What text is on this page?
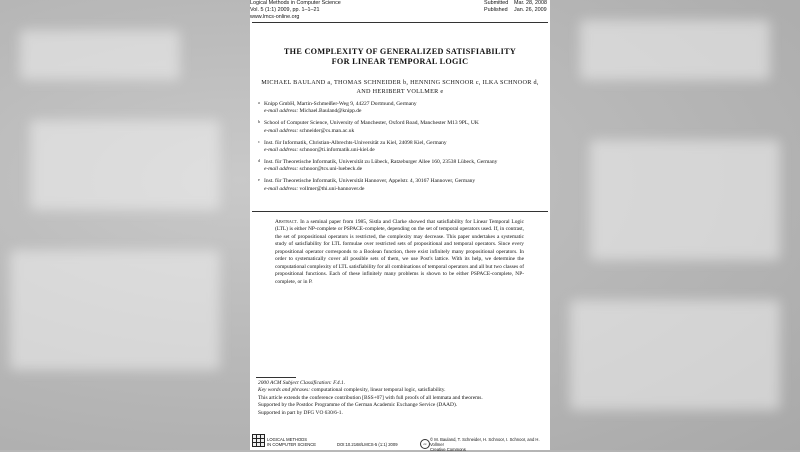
Logical Methods in Computer Science
Vol. 5 (1:1) 2009, pp. 1–1–21
www.lmcs-online.org
Submitted	Mar. 28, 2008
Published	Jan. 26, 2009
THE COMPLEXITY OF GENERALIZED SATISFIABILITY
FOR LINEAR TEMPORAL LOGIC
MICHAEL BAULAND a, THOMAS SCHNEIDER b, HENNING SCHNOOR c, ILKA SCHNOOR d,
AND HERIBERT VOLLMER e
a Knipp GmbH, Martin-Schmeißer-Weg 9, 44227 Dortmund, Germany
e-mail address: Michael.Bauland@knipp.de
b School of Computer Science, University of Manchester, Oxford Road, Manchester M13 9PL, UK
e-mail address: schneider@cs.man.ac.uk
c Inst. für Informatik, Christian-Albrechts-Universität zu Kiel, 24098 Kiel, Germany
e-mail address: schnoor@ti.informatik.uni-kiel.de
d Inst. für Theoretische Informatik, Universität zu Lübeck, Ratzeburger Allee 160, 23538 Lübeck, Germany
e-mail address: schnoor@tcs.uni-luebeck.de
e Inst. für Theoretische Informatik, Universität Hannover, Appelstr. 4, 30167 Hannover, Germany
e-mail address: vollmer@thi.uni-hannover.de

Abstract. In a seminal paper from 1985, Sistla and Clarke showed that satisfiability for Linear Temporal Logic (LTL) is either NP-complete or PSPACE-complete, depending on the set of temporal operators used. If, in contrast, the set of propositional operators is restricted, the complexity may decrease. This paper undertakes a systematic study of satisfiability for LTL formulae over restricted sets of propositional and temporal operators. Since every propositional operator corresponds to a Boolean function, there exist infinitely many propositional operators. In order to systematically cover all possible sets of them, we use Post's lattice. With its help, we determine the computational complexity of LTL satisfiability for all combinations of temporal operators and all but two classes of propositional functions. Each of these infinitely many problems is shown to be either PSPACE-complete, NP-complete, or in P.

2000 ACM Subject Classification: F.4.1.

Key words and phrases: computational complexity, linear temporal logic, satisfiability.

This article extends the conference contribution [BSS+07] with full proofs of all lemmata and theorems.

Supported by the Postdoc Programme of the German Academic Exchange Service (DAAD).

Supported in part by DFG VO 630/6-1.

LOGICAL METHODS
IN COMPUTER SCIENCE	DOI:10.2168/LMCS-5 (1:1) 2009	cc
© M. Bauland, T. Schneider, H. Schnoor, I. Schnoor, and H. Vollmer
Creative Commons
